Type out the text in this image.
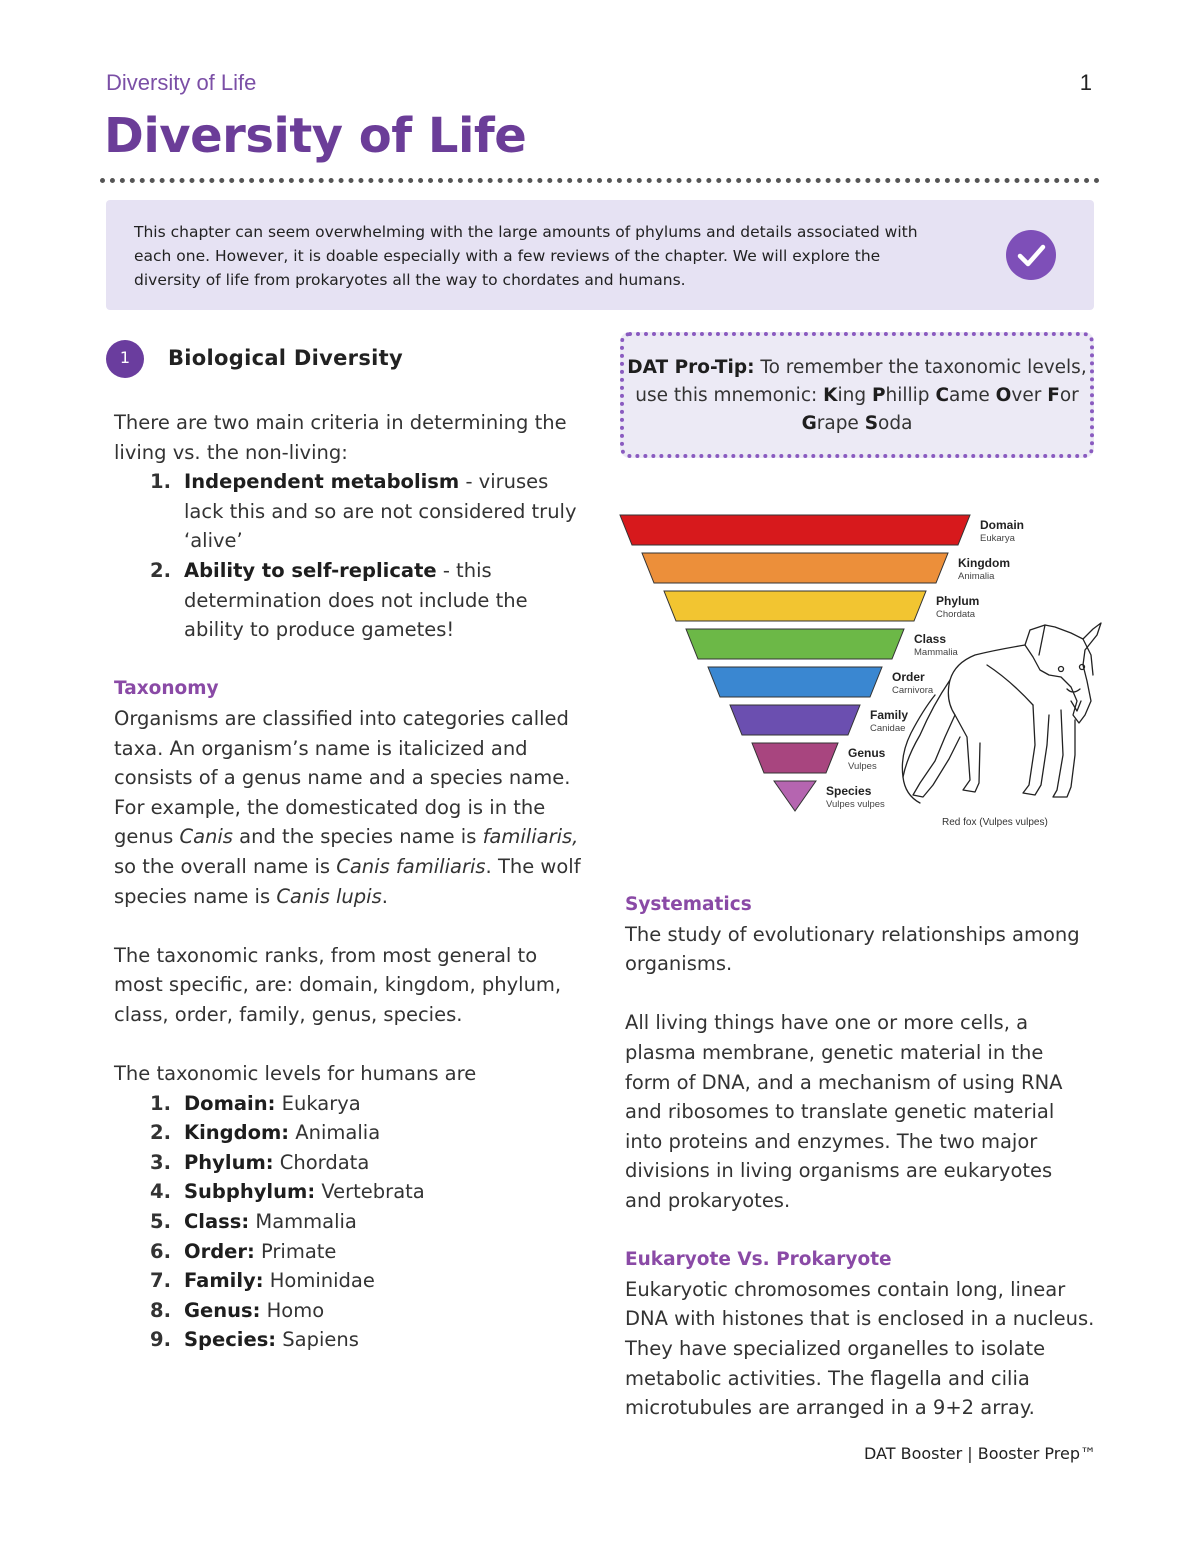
Diversity of Life	1
Diversity of Life
This chapter can seem overwhelming with the large amounts of phylums and details associated with each one. However, it is doable especially with a few reviews of the chapter. We will explore the diversity of life from prokaryotes all the way to chordates and humans.
1	Biological Diversity

There are two main criteria in determining the living vs. the non-living:

1. Independent metabolism - viruses lack this and so are not considered truly ‘alive’
2. Ability to self-replicate - this determination does not include the ability to produce gametes!
Taxonomy

Organisms are classified into categories called taxa. An organism’s name is italicized and consists of a genus name and a species name. For example, the domesticated dog is in the genus Canis and the species name is familiaris, so the overall name is Canis familiaris. The wolf species name is Canis lupis.

The taxonomic ranks, from most general to most specific, are: domain, kingdom, phylum, class, order, family, genus, species.

The taxonomic levels for humans are

1. Domain: Eukarya
2. Kingdom: Animalia
3. Phylum: Chordata
4. Subphylum: Vertebrata
5. Class: Mammalia
6. Order: Primate
7. Family: Hominidae
8. Genus: Homo
9. Species: Sapiens
DAT Pro-Tip: To remember the taxonomic levels, use this mnemonic: King Phillip Came Over For
Grape Soda
Domain
Eukarya
Kingdom
Animalia
Phylum
Chordata
Class
Mammalia
Order
Carnivora
Family
Canidae
Genus
Vulpes
Species
Vulpes vulpes
Red fox (Vulpes vulpes)
Systematics

The study of evolutionary relationships among organisms.

All living things have one or more cells, a plasma membrane, genetic material in the form of DNA, and a mechanism of using RNA and ribosomes to translate genetic material into proteins and enzymes. The two major divisions in living organisms are eukaryotes and prokaryotes.

Eukaryote Vs. Prokaryote

Eukaryotic chromosomes contain long, linear DNA with histones that is enclosed in a nucleus. They have specialized organelles to isolate metabolic activities. The flagella and cilia microtubules are arranged in a 9+2 array.

DAT Booster | Booster Prep™
